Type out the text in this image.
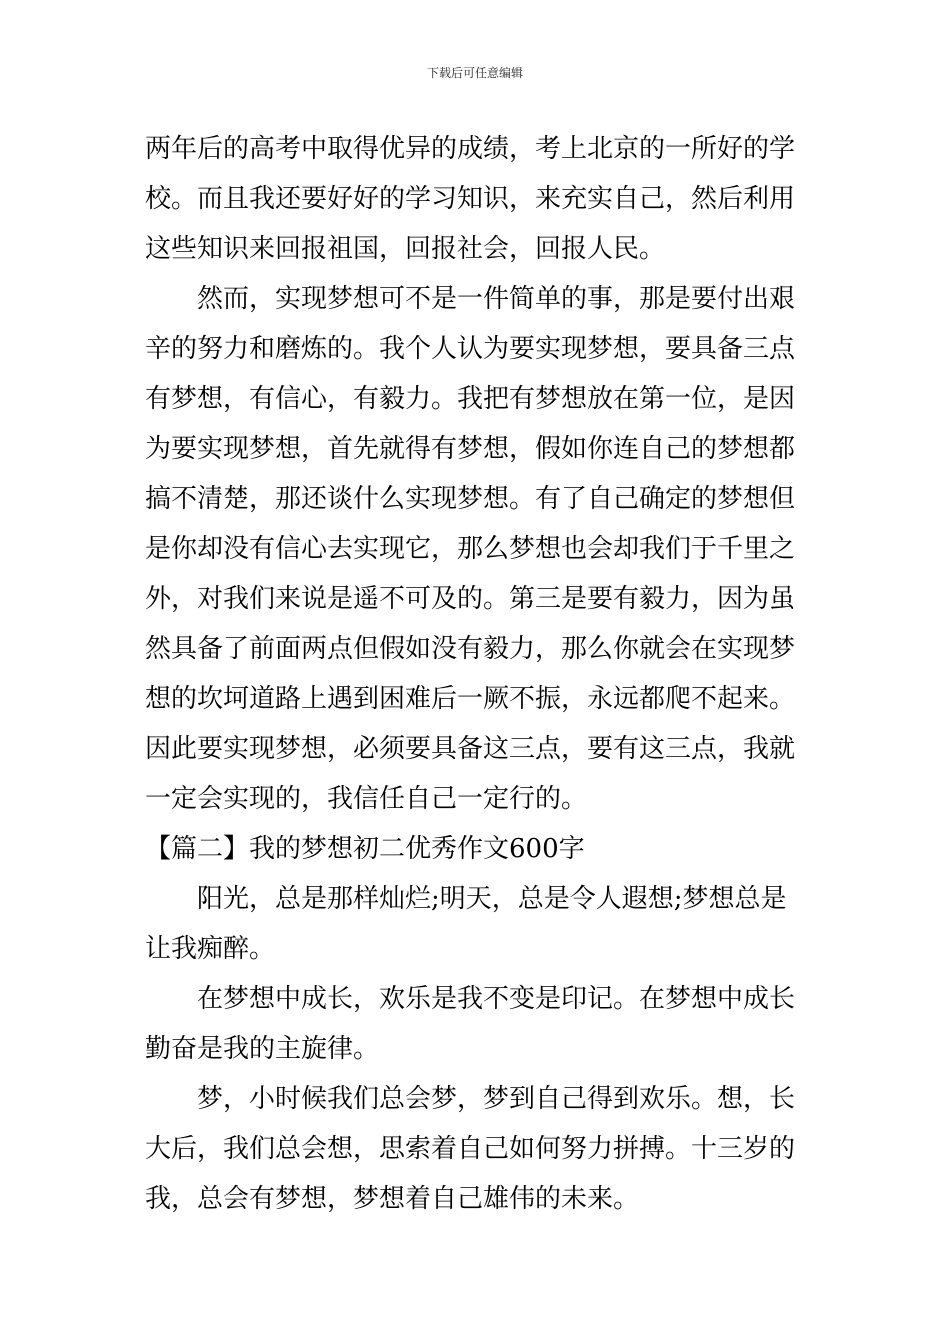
下载后可任意编辑
两年后的高考中取得优异的成绩，考上北京的一所好的学
校。而且我还要好好的学习知识，来充实自己，然后利用
这些知识来回报祖国，回报社会，回报人民。
然而，实现梦想可不是一件简单的事，那是要付出艰
辛的努力和磨炼的。我个人认为要实现梦想，要具备三点
有梦想，有信心，有毅力。我把有梦想放在第一位，是因
为要实现梦想，首先就得有梦想，假如你连自己的梦想都
搞不清楚，那还谈什么实现梦想。有了自己确定的梦想但
是你却没有信心去实现它，那么梦想也会却我们于千里之
外，对我们来说是遥不可及的。第三是要有毅力，因为虽
然具备了前面两点但假如没有毅力，那么你就会在实现梦
想的坎坷道路上遇到困难后一厥不振，永远都爬不起来。
因此要实现梦想，必须要具备这三点，要有这三点，我就
一定会实现的，我信任自己一定行的。
【篇二】我的梦想初二优秀作文600字
阳光，总是那样灿烂;明天，总是令人遐想;梦想总是
让我痴醉。
在梦想中成长，欢乐是我不变是印记。在梦想中成长
勤奋是我的主旋律。
梦，小时候我们总会梦，梦到自己得到欢乐。想，长
大后，我们总会想，思索着自己如何努力拼搏。十三岁的
我，总会有梦想，梦想着自己雄伟的未来。
